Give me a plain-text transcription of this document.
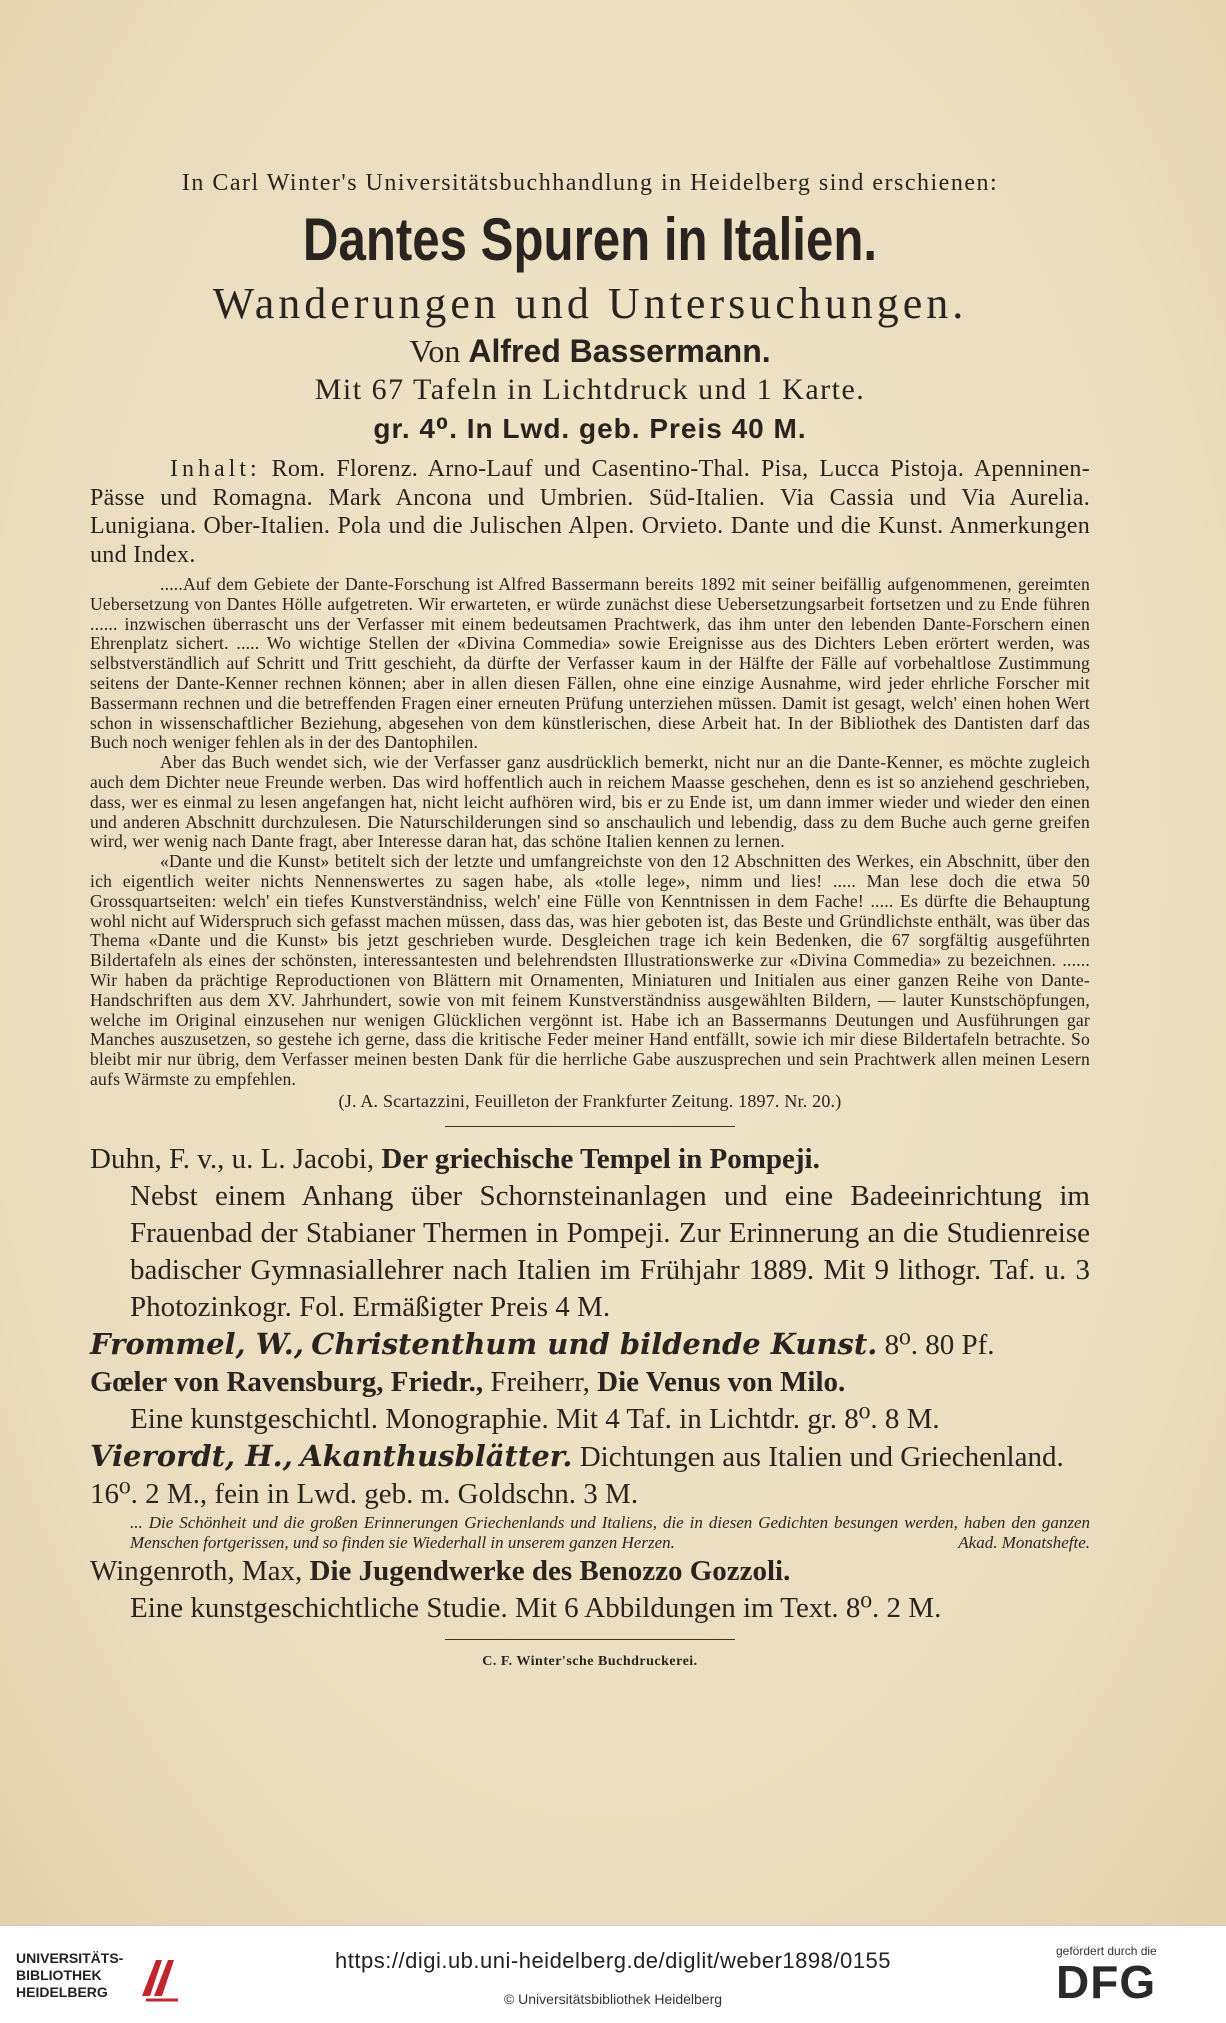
In Carl Winter's Universitätsbuchhandlung in Heidelberg sind erschienen:
Dantes Spuren in Italien.
Wanderungen und Untersuchungen.
Von Alfred Bassermann.
Mit 67 Tafeln in Lichtdruck und 1 Karte.
gr. 4⁰. In Lwd. geb. Preis 40 M.
Inhalt: Rom. Florenz. Arno-Lauf und Casentino-Thal. Pisa, Lucca Pistoja. Apenninen-Pässe und Romagna. Mark Ancona und Umbrien. Süd-Italien. Via Cassia und Via Aurelia. Lunigiana. Ober-Italien. Pola und die Julischen Alpen. Orvieto. Dante und die Kunst. Anmerkungen und Index.

.....Auf dem Gebiete der Dante-Forschung ist Alfred Bassermann bereits 1892 mit seiner beifällig aufgenommenen, gereimten Uebersetzung von Dantes Hölle aufgetreten. Wir erwarteten, er würde zunächst diese Uebersetzungsarbeit fortsetzen und zu Ende führen ...... inzwischen überrascht uns der Verfasser mit einem bedeutsamen Prachtwerk, das ihm unter den lebenden Dante-Forschern einen Ehrenplatz sichert. ..... Wo wichtige Stellen der «Divina Commedia» sowie Ereignisse aus des Dichters Leben erörtert werden, was selbstverständlich auf Schritt und Tritt geschieht, da dürfte der Verfasser kaum in der Hälfte der Fälle auf vorbehaltlose Zustimmung seitens der Dante-Kenner rechnen können; aber in allen diesen Fällen, ohne eine einzige Ausnahme, wird jeder ehrliche Forscher mit Bassermann rechnen und die betreffenden Fragen einer erneuten Prüfung unterziehen müssen. Damit ist gesagt, welch' einen hohen Wert schon in wissenschaftlicher Beziehung, abgesehen von dem künstlerischen, diese Arbeit hat. In der Bibliothek des Dantisten darf das Buch noch weniger fehlen als in der des Dantophilen.

Aber das Buch wendet sich, wie der Verfasser ganz ausdrücklich bemerkt, nicht nur an die Dante-Kenner, es möchte zugleich auch dem Dichter neue Freunde werben. Das wird hoffentlich auch in reichem Maasse geschehen, denn es ist so anziehend geschrieben, dass, wer es einmal zu lesen angefangen hat, nicht leicht aufhören wird, bis er zu Ende ist, um dann immer wieder und wieder den einen und anderen Abschnitt durchzulesen. Die Naturschilderungen sind so anschaulich und lebendig, dass zu dem Buche auch gerne greifen wird, wer wenig nach Dante fragt, aber Interesse daran hat, das schöne Italien kennen zu lernen.

«Dante und die Kunst» betitelt sich der letzte und umfangreichste von den 12 Abschnitten des Werkes, ein Abschnitt, über den ich eigentlich weiter nichts Nennenswertes zu sagen habe, als «tolle lege», nimm und lies! ..... Man lese doch die etwa 50 Grossquartseiten: welch' ein tiefes Kunstverständniss, welch' eine Fülle von Kenntnissen in dem Fache! ..... Es dürfte die Behauptung wohl nicht auf Widerspruch sich gefasst machen müssen, dass das, was hier geboten ist, das Beste und Gründlichste enthält, was über das Thema «Dante und die Kunst» bis jetzt geschrieben wurde. Desgleichen trage ich kein Bedenken, die 67 sorgfältig ausgeführten Bildertafeln als eines der schönsten, interessantesten und belehrendsten Illustrationswerke zur «Divina Commedia» zu bezeichnen. ...... Wir haben da prächtige Reproductionen von Blättern mit Ornamenten, Miniaturen und Initialen aus einer ganzen Reihe von Dante-Handschriften aus dem XV. Jahrhundert, sowie von mit feinem Kunstverständniss ausgewählten Bildern, — lauter Kunstschöpfungen, welche im Original einzusehen nur wenigen Glücklichen vergönnt ist. Habe ich an Bassermanns Deutungen und Ausführungen gar Manches auszusetzen, so gestehe ich gerne, dass die kritische Feder meiner Hand entfällt, sowie ich mir diese Bildertafeln betrachte. So bleibt mir nur übrig, dem Verfasser meinen besten Dank für die herrliche Gabe auszusprechen und sein Prachtwerk allen meinen Lesern aufs Wärmste zu empfehlen.

(J. A. Scartazzini, Feuilleton der Frankfurter Zeitung. 1897. Nr. 20.)
Duhn, F. v., u. L. Jacobi, Der griechische Tempel in Pompeji.
Nebst einem Anhang über Schornsteinanlagen und eine Badeeinrichtung im Frauenbad der Stabianer Thermen in Pompeji. Zur Erinnerung an die Studienreise badischer Gymnasiallehrer nach Italien im Frühjahr 1889. Mit 9 lithogr. Taf. u. 3 Photozinkogr. Fol. Ermäßigter Preis 4 M.
Frommel, W., Christenthum und bildende Kunst. 8⁰. 80 Pf.
Gœler von Ravensburg, Friedr., Freiherr, Die Venus von Milo.
Eine kunstgeschichtl. Monographie. Mit 4 Taf. in Lichtdr. gr. 8⁰. 8 M.
Vierordt, H., Akanthusblätter. Dichtungen aus Italien und Griechenland. 16⁰. 2 M., fein in Lwd. geb. m. Goldschn. 3 M.
... Die Schönheit und die großen Erinnerungen Griechenlands und Italiens, die in diesen Gedichten besungen werden, haben den ganzen Menschen fortgerissen, und so finden sie Wiederhall in unserem ganzen Herzen.	Akad. Monatshefte.
Wingenroth, Max, Die Jugendwerke des Benozzo Gozzoli.
Eine kunstgeschichtliche Studie. Mit 6 Abbildungen im Text. 8⁰. 2 M.
C. F. Winter'sche Buchdruckerei.
UNIVERSITÄTS-
BIBLIOTHEK
HEIDELBERG
https://digi.ub.uni-heidelberg.de/diglit/weber1898/0155
© Universitätsbibliothek Heidelberg
gefördert durch die
DFG
